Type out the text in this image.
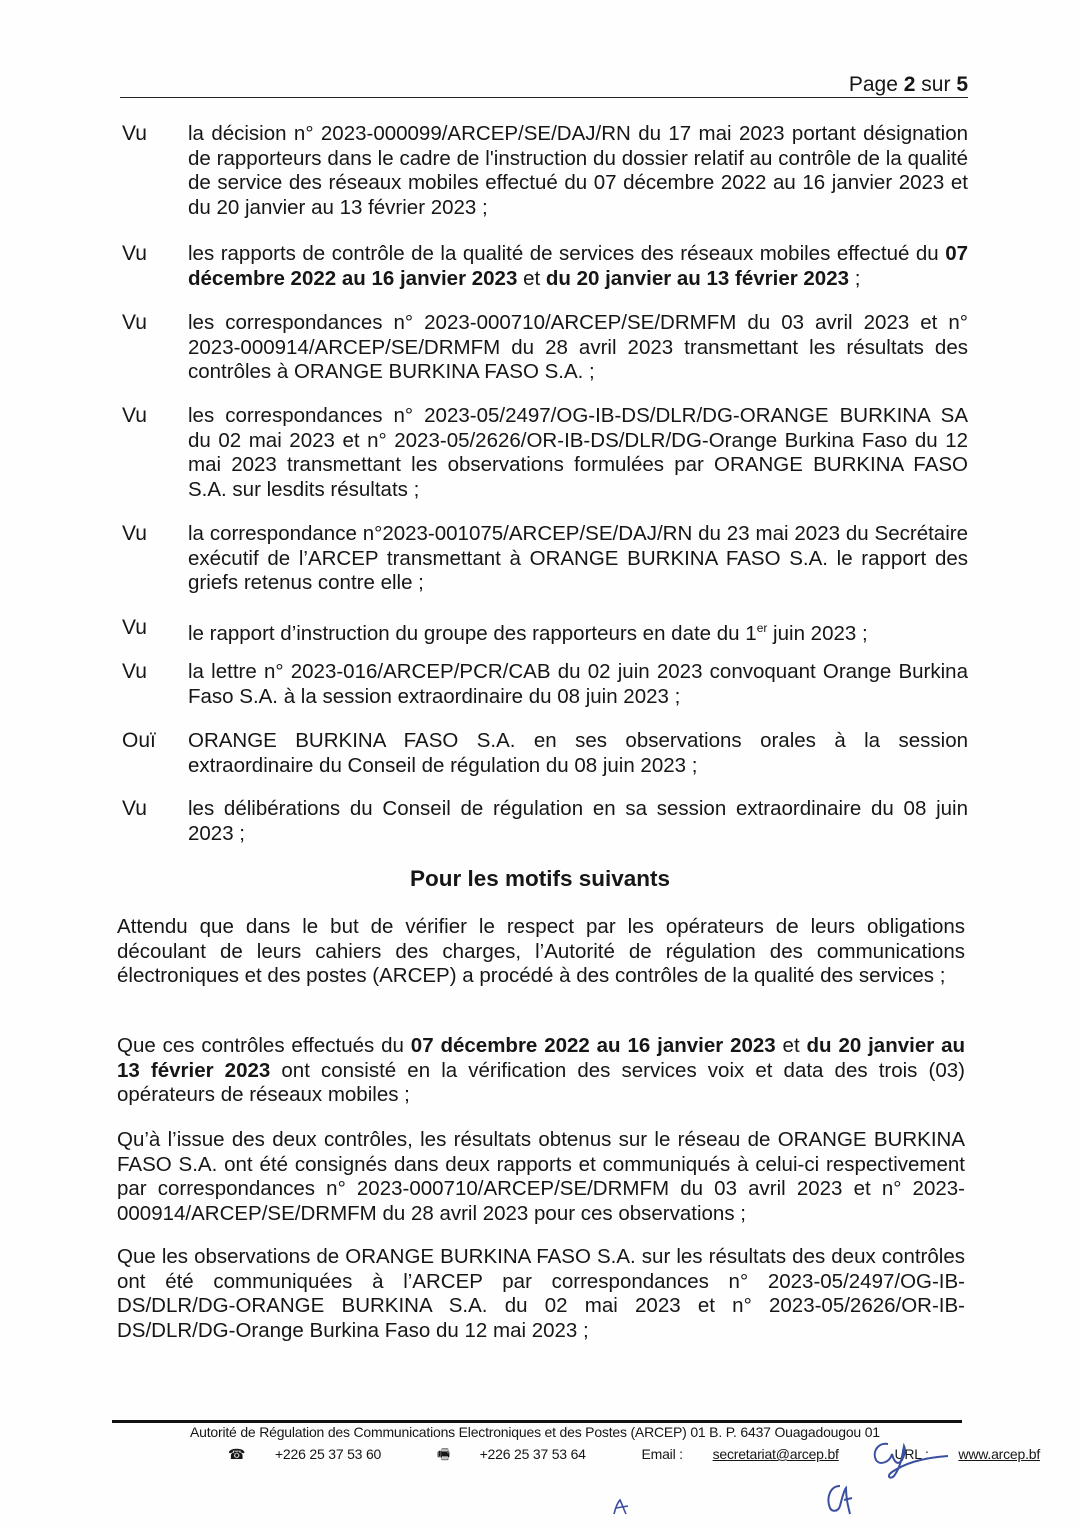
Page 2 sur 5
Vu la décision n° 2023-000099/ARCEP/SE/DAJ/RN du 17 mai 2023 portant désignation de rapporteurs dans le cadre de l'instruction du dossier relatif au contrôle de la qualité de service des réseaux mobiles effectué du 07 décembre 2022 au 16 janvier 2023 et du 20 janvier au 13 février 2023 ;
Vu les rapports de contrôle de la qualité de services des réseaux mobiles effectué du 07 décembre 2022 au 16 janvier 2023 et du 20 janvier au 13 février 2023 ;
Vu les correspondances n° 2023-000710/ARCEP/SE/DRMFM du 03 avril 2023 et n° 2023-000914/ARCEP/SE/DRMFM du 28 avril 2023 transmettant les résultats des contrôles à ORANGE BURKINA FASO S.A. ;
Vu les correspondances n° 2023-05/2497/OG-IB-DS/DLR/DG-ORANGE BURKINA SA du 02 mai 2023 et n° 2023-05/2626/OR-IB-DS/DLR/DG-Orange Burkina Faso du 12 mai 2023 transmettant les observations formulées par ORANGE BURKINA FASO S.A. sur lesdits résultats ;
Vu la correspondance n°2023-001075/ARCEP/SE/DAJ/RN du 23 mai 2023 du Secrétaire exécutif de l’ARCEP transmettant à ORANGE BURKINA FASO S.A. le rapport des griefs retenus contre elle ;
Vu le rapport d’instruction du groupe des rapporteurs en date du 1er juin 2023 ;
Vu la lettre n° 2023-016/ARCEP/PCR/CAB du 02 juin 2023 convoquant Orange Burkina Faso S.A. à la session extraordinaire du 08 juin 2023 ;
Ouï ORANGE BURKINA FASO S.A. en ses observations orales à la session extraordinaire du Conseil de régulation du 08 juin 2023 ;
Vu les délibérations du Conseil de régulation en sa session extraordinaire du 08 juin 2023 ;
Pour les motifs suivants
Attendu que dans le but de vérifier le respect par les opérateurs de leurs obligations découlant de leurs cahiers des charges, l’Autorité de régulation des communications électroniques et des postes (ARCEP) a procédé à des contrôles de la qualité des services ;
Que ces contrôles effectués du 07 décembre 2022 au 16 janvier 2023 et du 20 janvier au 13 février 2023 ont consisté en la vérification des services voix et data des trois (03) opérateurs de réseaux mobiles ;
Qu’à l’issue des deux contrôles, les résultats obtenus sur le réseau de ORANGE BURKINA FASO S.A. ont été consignés dans deux rapports et communiqués à celui-ci respectivement par correspondances n° 2023-000710/ARCEP/SE/DRMFM du 03 avril 2023 et n° 2023-000914/ARCEP/SE/DRMFM du 28 avril 2023 pour ces observations ;
Que les observations de ORANGE BURKINA FASO S.A. sur les résultats des deux contrôles ont été communiquées à l’ARCEP par correspondances n° 2023-05/2497/OG-IB-DS/DLR/DG-ORANGE BURKINA S.A. du 02 mai 2023 et n° 2023-05/2626/OR-IB-DS/DLR/DG-Orange Burkina Faso du 12 mai 2023 ;
Autorité de Régulation des Communications Electroniques et des Postes (ARCEP) 01 B. P. 6437 Ouagadougou 01
☎ +226 25 37 53 60	🖷 +226 25 37 53 64	Email : secretariat@arcep.bf	URL : www.arcep.bf
